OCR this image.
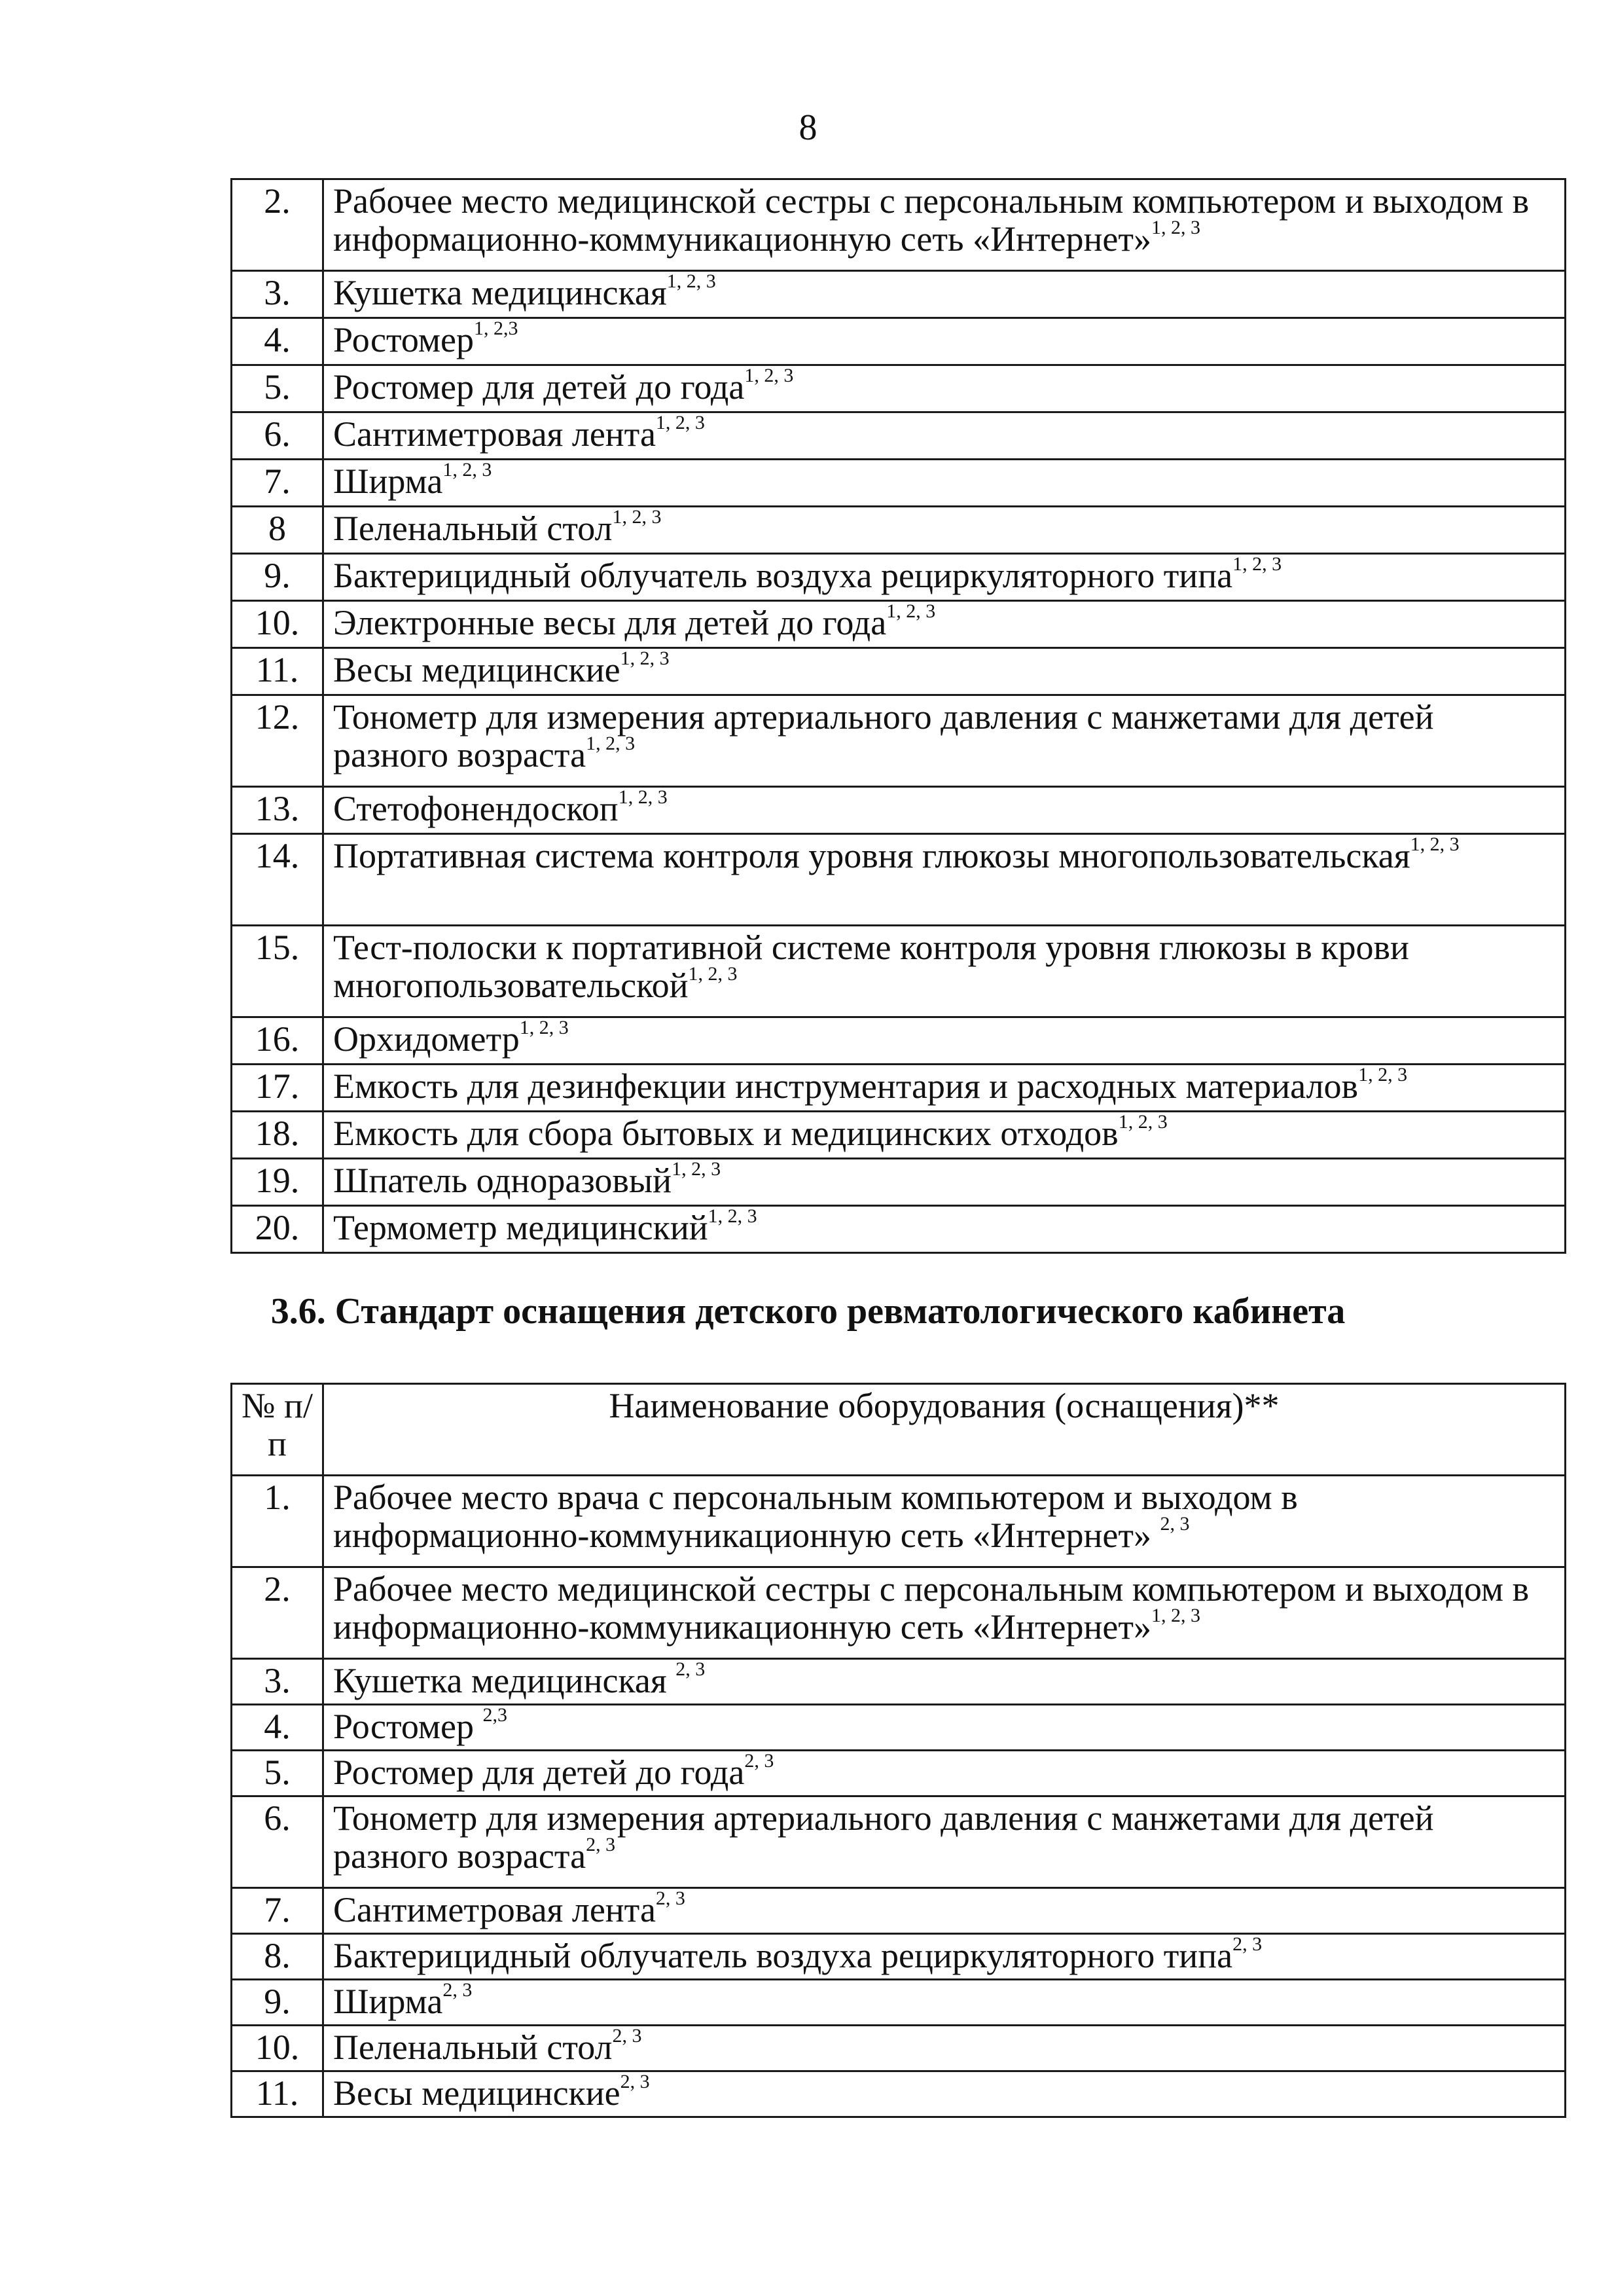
8
2.	Рабочее место медицинской сестры с персональным компьютером и выходом в информационно-коммуникационную сеть «Интернет»$^{1, 2, 3}$
3.	Кушетка медицинская$^{1, 2, 3}$
4.	Ростомер$^{1, 2,3}$
5.	Ростомер для детей до года$^{1, 2, 3}$
6.	Сантиметровая лента$^{1, 2, 3}$
7.	Ширма$^{1, 2, 3}$
8	Пеленальный стол$^{1, 2, 3}$
9.	Бактерицидный облучатель воздуха рециркуляторного типа$^{1, 2, 3}$
10.	Электронные весы для детей до года$^{1, 2, 3}$
11.	Весы медицинские$^{1, 2, 3}$
12.	Тонометр для измерения артериального давления с манжетами для детей разного возраста$^{1, 2, 3}$
13.	Стетофонендоскоп$^{1, 2, 3}$
14.	Портативная система контроля уровня глюкозы многопользовательская$^{1, 2, 3}$
15.	Тест-полоски к портативной системе контроля уровня глюкозы в крови многопользовательской$^{1, 2, 3}$
16.	Орхидометр$^{1, 2, 3}$
17.	Емкость для дезинфекции инструментария и расходных материалов$^{1, 2, 3}$
18.	Емкость для сбора бытовых и медицинских отходов$^{1, 2, 3}$
19.	Шпатель одноразовый$^{1, 2, 3}$
20.	Термометр медицинский$^{1, 2, 3}$
3.6. Стандарт оснащения детского ревматологического кабинета
№ п/п	Наименование оборудования (оснащения)**
1.	Рабочее место врача с персональным компьютером и выходом в информационно-коммуникационную сеть «Интернет» $^{2, 3}$
2.	Рабочее место медицинской сестры с персональным компьютером и выходом в информационно-коммуникационную сеть «Интернет»$^{1, 2, 3}$
3.	Кушетка медицинская $^{2, 3}$
4.	Ростомер $^{2,3}$
5.	Ростомер для детей до года$^{2, 3}$
6.	Тонометр для измерения артериального давления с манжетами для детей разного возраста$^{2, 3}$
7.	Сантиметровая лента$^{2, 3}$
8.	Бактерицидный облучатель воздуха рециркуляторного типа$^{2, 3}$
9.	Ширма$^{2, 3}$
10.	Пеленальный стол$^{2, 3}$
11.	Весы медицинские$^{2, 3}$
